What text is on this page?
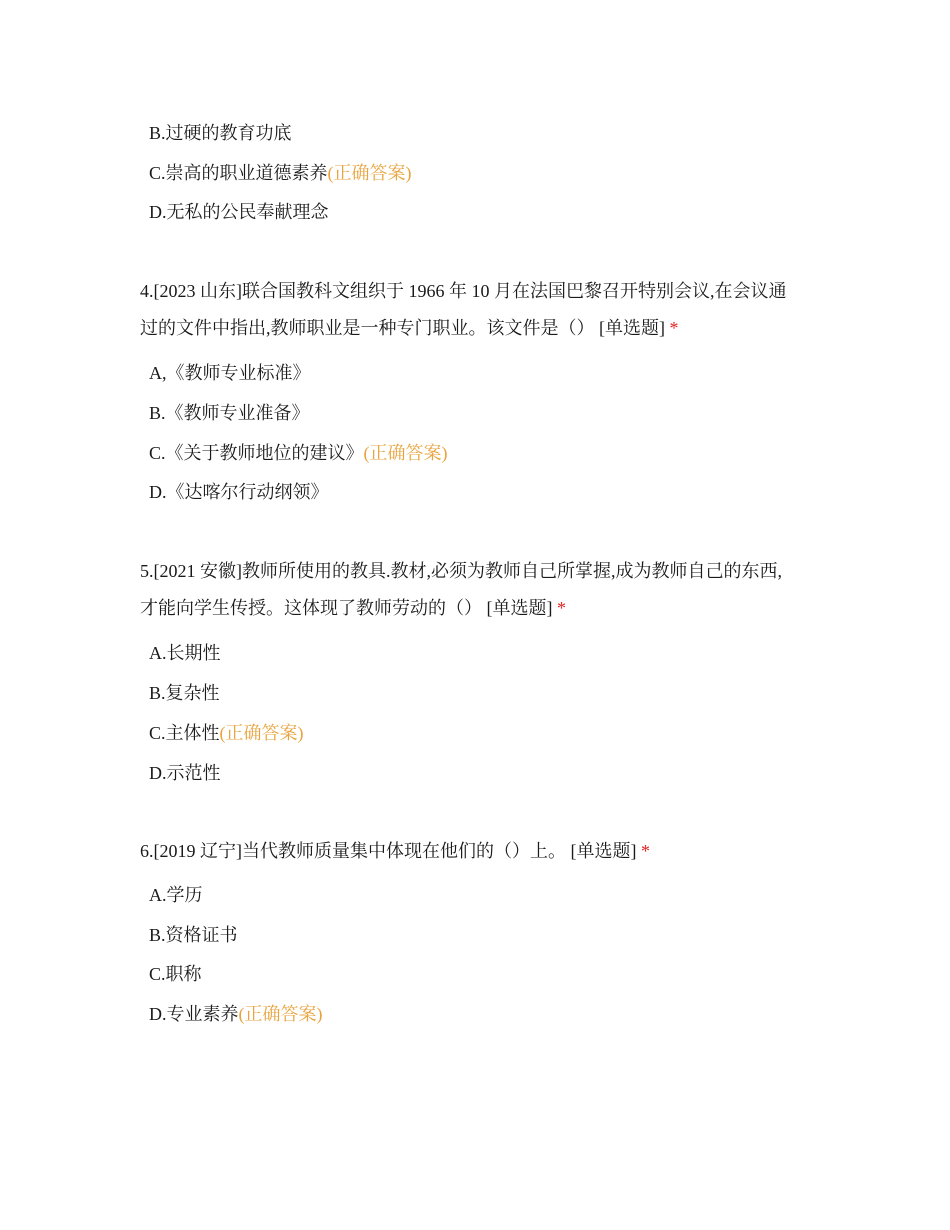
B.过硬的教育功底
C.崇高的职业道德素养(正确答案)
D.无私的公民奉献理念
4.[2023 山东]联合国教科文组织于 1966 年 10 月在法国巴黎召开特别会议,在会议通
过的文件中指出,教师职业是一种专门职业。该文件是（） [单选题] *
A,《教师专业标准》
B.《教师专业准备》
C.《关于教师地位的建议》(正确答案)
D.《达喀尔行动纲领》
5.[2021 安徽]教师所使用的教具.教材,必须为教师自己所掌握,成为教师自己的东西,
才能向学生传授。这体现了教师劳动的（） [单选题] *
A.长期性
B.复杂性
C.主体性(正确答案)
D.示范性
6.[2019 辽宁]当代教师质量集中体现在他们的（）上。 [单选题] *
A.学历
B.资格证书
C.职称
D.专业素养(正确答案)
